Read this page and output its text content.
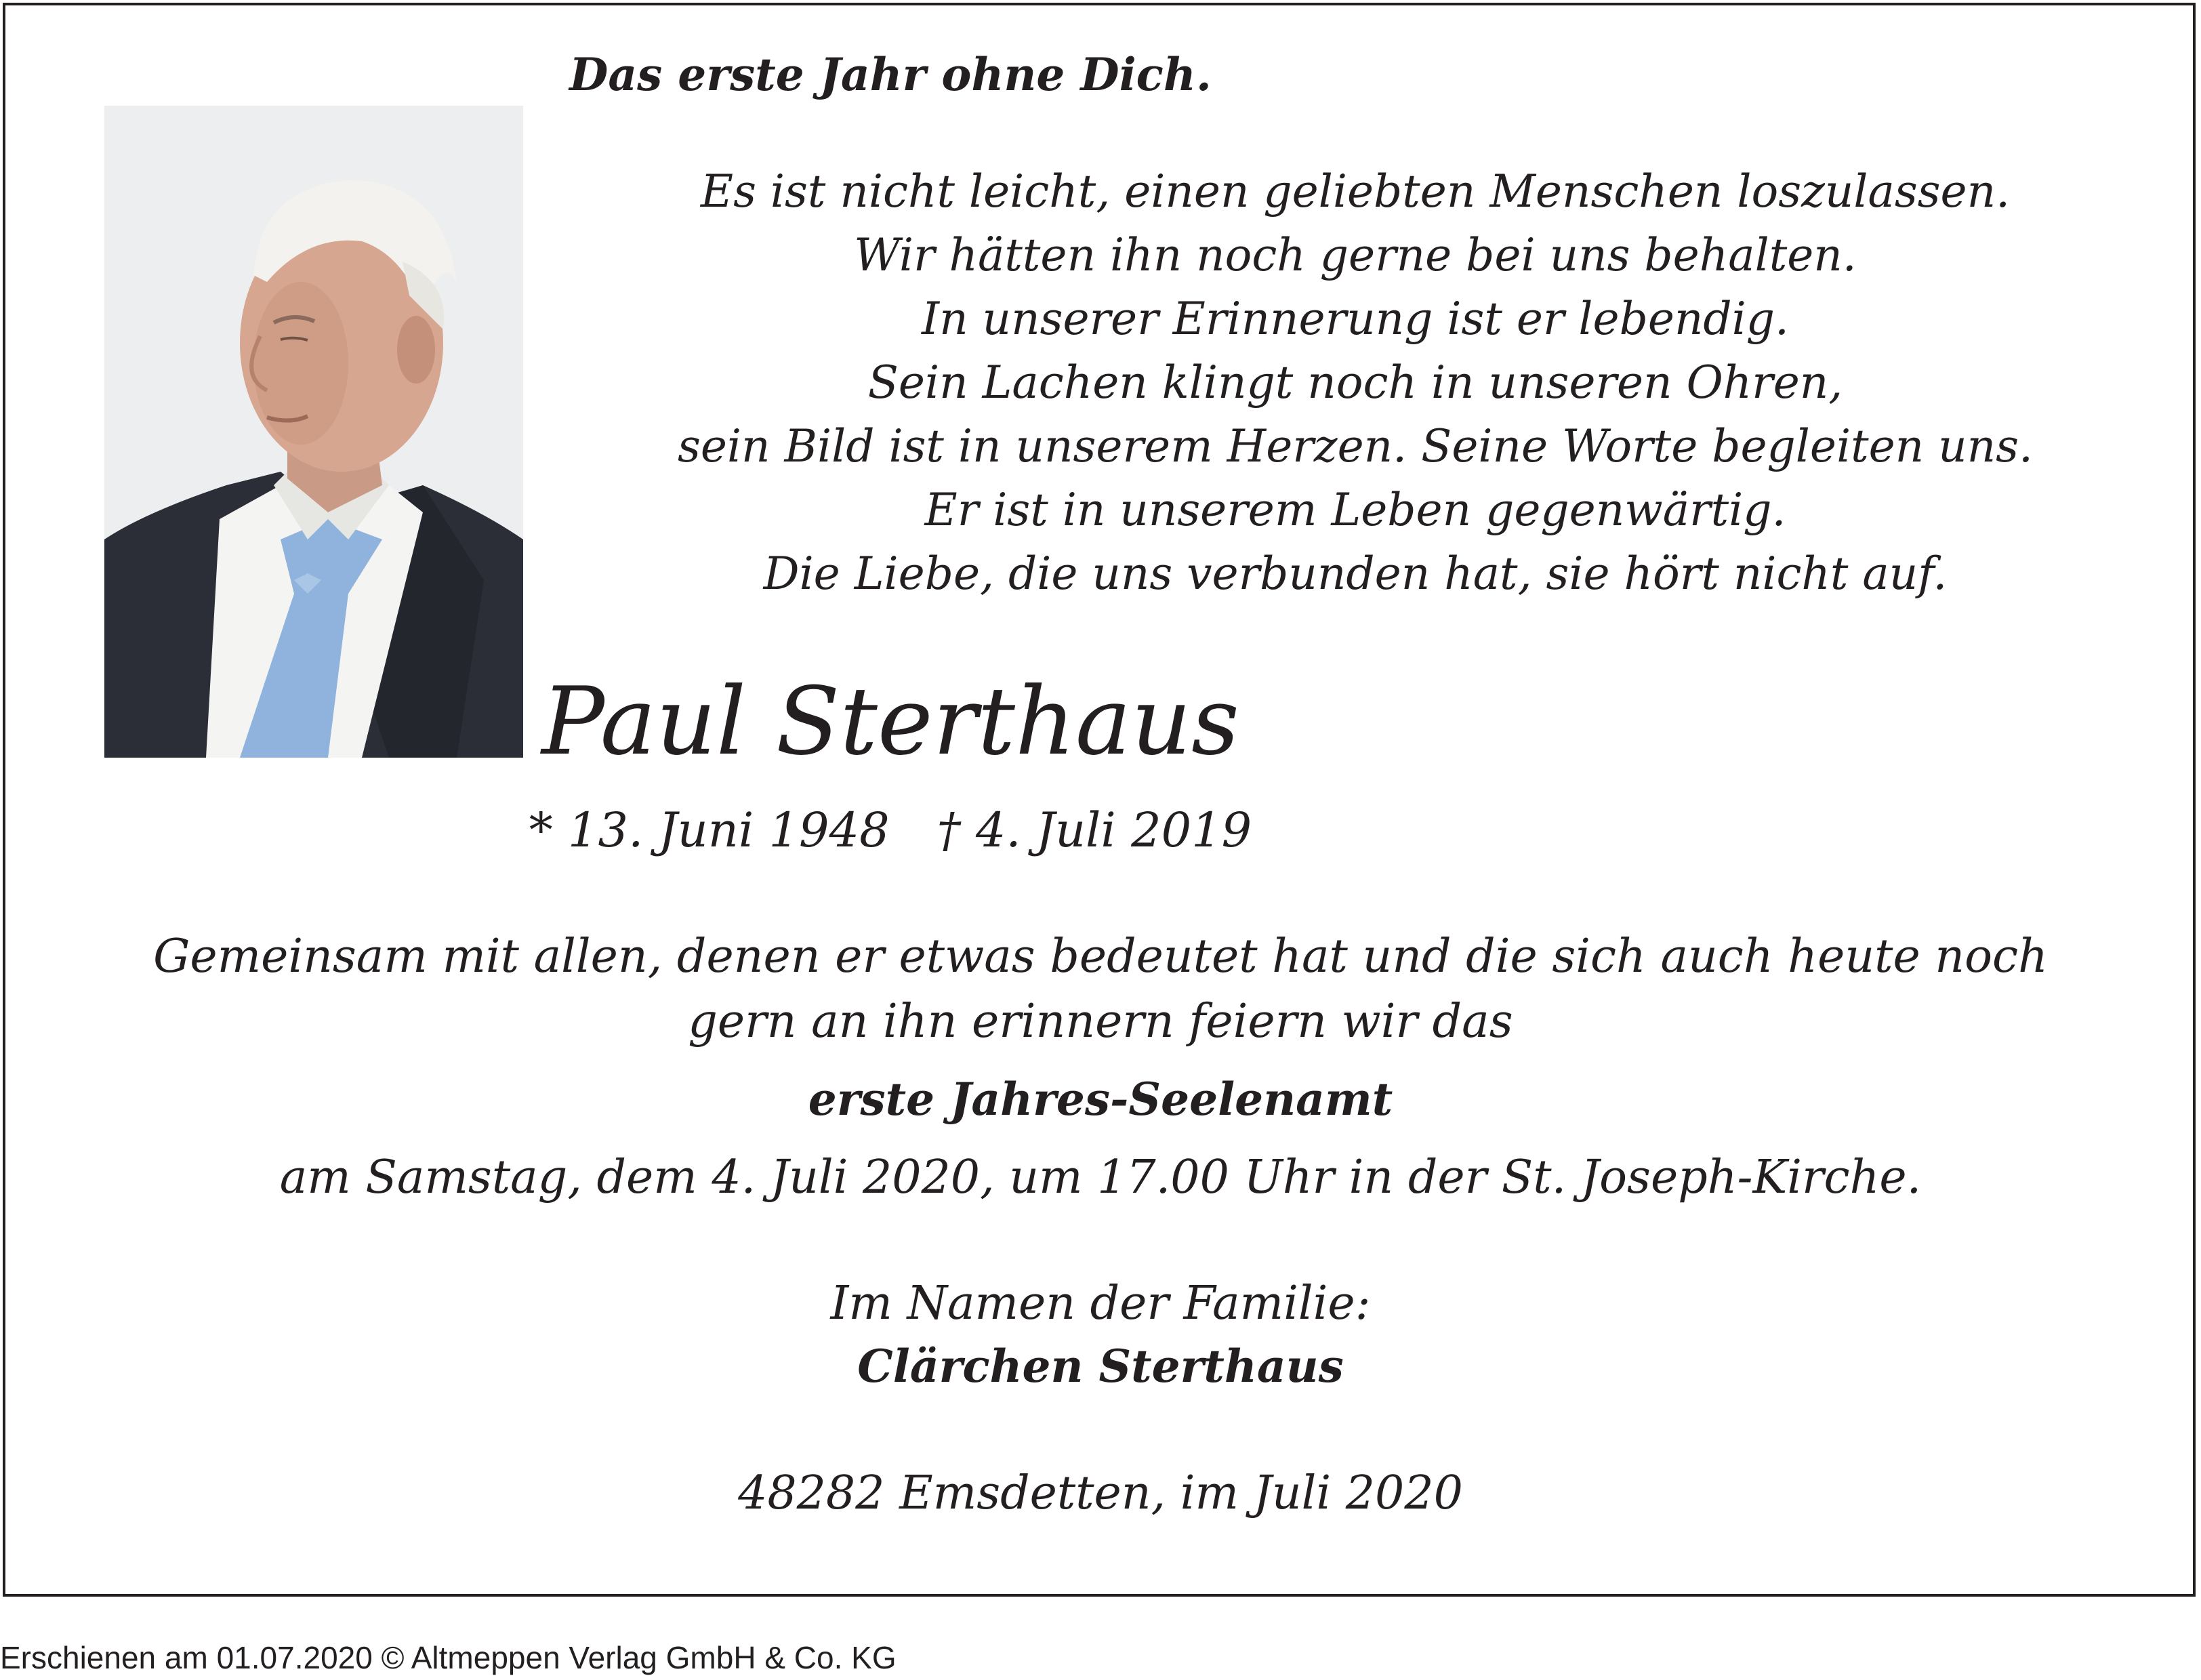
Das erste Jahr ohne Dich.
Es ist nicht leicht, einen geliebten Menschen loszulassen.
Wir hätten ihn noch gerne bei uns behalten.
In unserer Erinnerung ist er lebendig.
Sein Lachen klingt noch in unseren Ohren,
sein Bild ist in unserem Herzen. Seine Worte begleiten uns.
Er ist in unserem Leben gegenwärtig.
Die Liebe, die uns verbunden hat, sie hört nicht auf.
Paul Sterthaus
* 13. Juni 1948 † 4. Juli 2019
Gemeinsam mit allen, denen er etwas bedeutet hat und die sich auch heute noch
gern an ihn erinnern feiern wir das
erste Jahres-Seelenamt
am Samstag, dem 4. Juli 2020, um 17.00 Uhr in der St. Joseph-Kirche.
Im Namen der Familie:
Clärchen Sterthaus
48282 Emsdetten, im Juli 2020
Erschienen am 01.07.2020 © Altmeppen Verlag GmbH & Co. KG
